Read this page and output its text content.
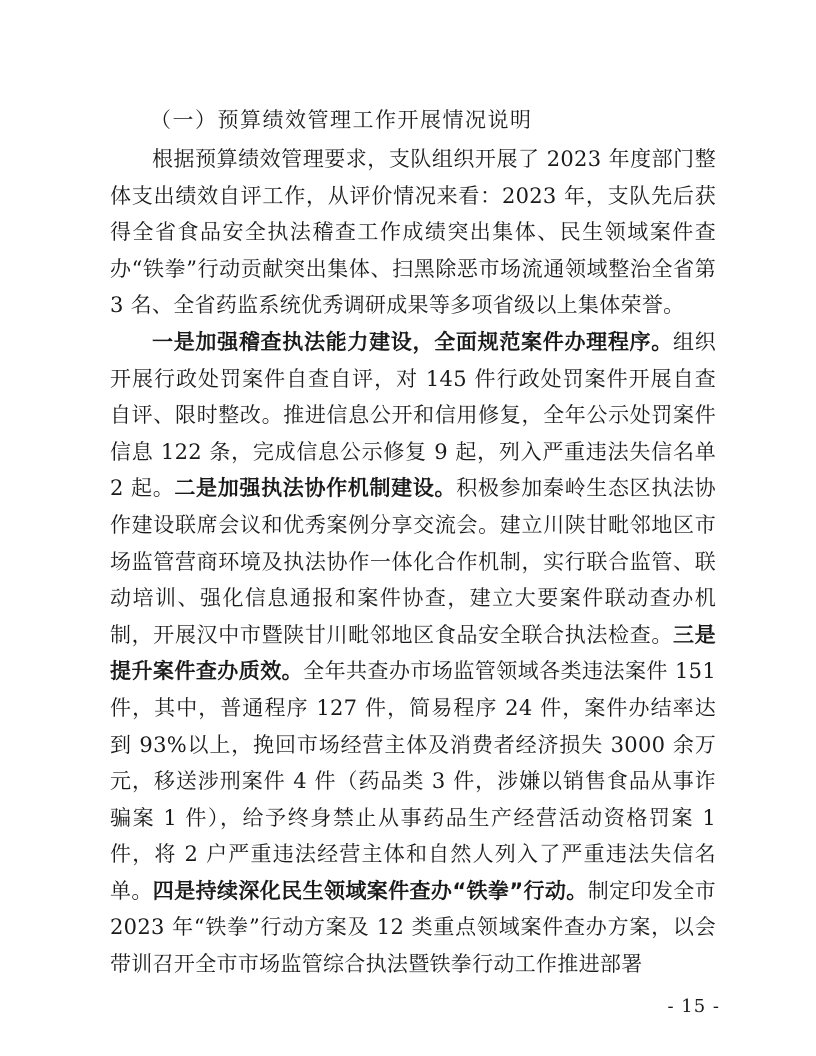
（一）预算绩效管理工作开展情况说明

根据预算绩效管理要求，支队组织开展了 2023 年度部门整体支出绩效自评工作，从评价情况来看：2023 年，支队先后获得全省食品安全执法稽查工作成绩突出集体、民生领域案件查办“铁拳”行动贡献突出集体、扫黑除恶市场流通领域整治全省第 3 名、全省药监系统优秀调研成果等多项省级以上集体荣誉。

一是加强稽查执法能力建设，全面规范案件办理程序。组织开展行政处罚案件自查自评，对 145 件行政处罚案件开展自查自评、限时整改。推进信息公开和信用修复，全年公示处罚案件信息 122 条，完成信息公示修复 9 起，列入严重违法失信名单 2 起。二是加强执法协作机制建设。积极参加秦岭生态区执法协作建设联席会议和优秀案例分享交流会。建立川陕甘毗邻地区市场监管营商环境及执法协作一体化合作机制，实行联合监管、联动培训、强化信息通报和案件协查，建立大要案件联动查办机制，开展汉中市暨陕甘川毗邻地区食品安全联合执法检查。三是提升案件查办质效。全年共查办市场监管领域各类违法案件 151 件，其中，普通程序 127 件，简易程序 24 件，案件办结率达到 93%以上，挽回市场经营主体及消费者经济损失 3000 余万元，移送涉刑案件 4 件（药品类 3 件，涉嫌以销售食品从事诈骗案 1 件），给予终身禁止从事药品生产经营活动资格罚案 1 件，将 2 户严重违法经营主体和自然人列入了严重违法失信名单。四是持续深化民生领域案件查办“铁拳”行动。制定印发全市 2023 年“铁拳”行动方案及 12 类重点领域案件查办方案，以会带训召开全市市场监管综合执法暨铁拳行动工作推进部署

- 15 -
